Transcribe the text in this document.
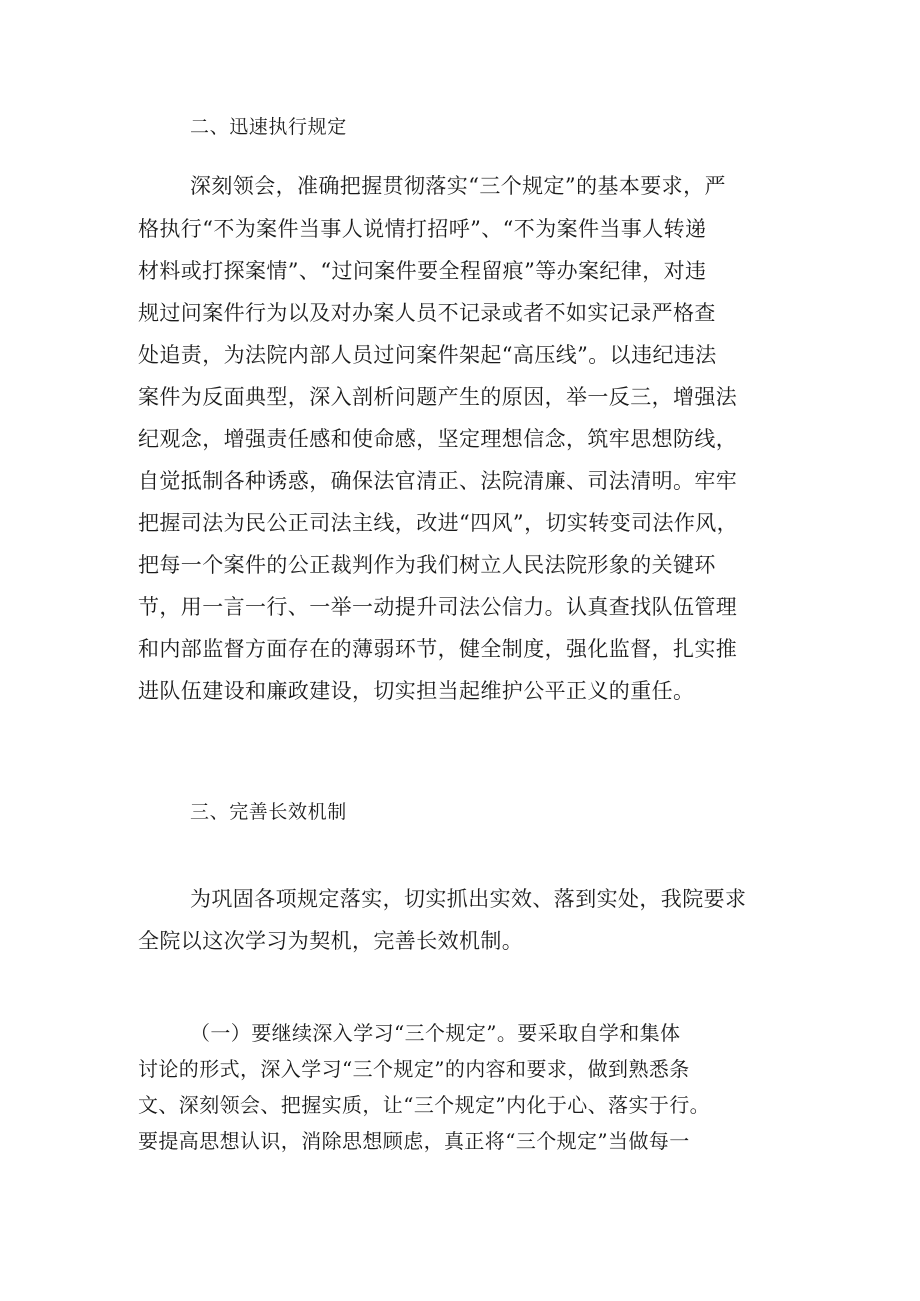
二、迅速执行规定
深刻领会，准确把握贯彻落实“三个规定”的基本要求，严
格执行“不为案件当事人说情打招呼”、“不为案件当事人转递
材料或打探案情”、“过问案件要全程留痕”等办案纪律，对违
规过问案件行为以及对办案人员不记录或者不如实记录严格查
处追责，为法院内部人员过问案件架起“高压线”。以违纪违法
案件为反面典型，深入剖析问题产生的原因，举一反三，增强法
纪观念，增强责任感和使命感，坚定理想信念，筑牢思想防线，
自觉抵制各种诱惑，确保法官清正、法院清廉、司法清明。牢牢
把握司法为民公正司法主线，改进“四风”，切实转变司法作风，
把每一个案件的公正裁判作为我们树立人民法院形象的关键环
节，用一言一行、一举一动提升司法公信力。认真查找队伍管理
和内部监督方面存在的薄弱环节，健全制度，强化监督，扎实推
进队伍建设和廉政建设，切实担当起维护公平正义的重任。
三、完善长效机制
为巩固各项规定落实，切实抓出实效、落到实处，我院要求
全院以这次学习为契机，完善长效机制。
（一）要继续深入学习“三个规定”。要采取自学和集体
讨论的形式，深入学习“三个规定”的内容和要求，做到熟悉条
文、深刻领会、把握实质，让“三个规定”内化于心、落实于行。
要提高思想认识，消除思想顾虑，真正将“三个规定”当做每一
